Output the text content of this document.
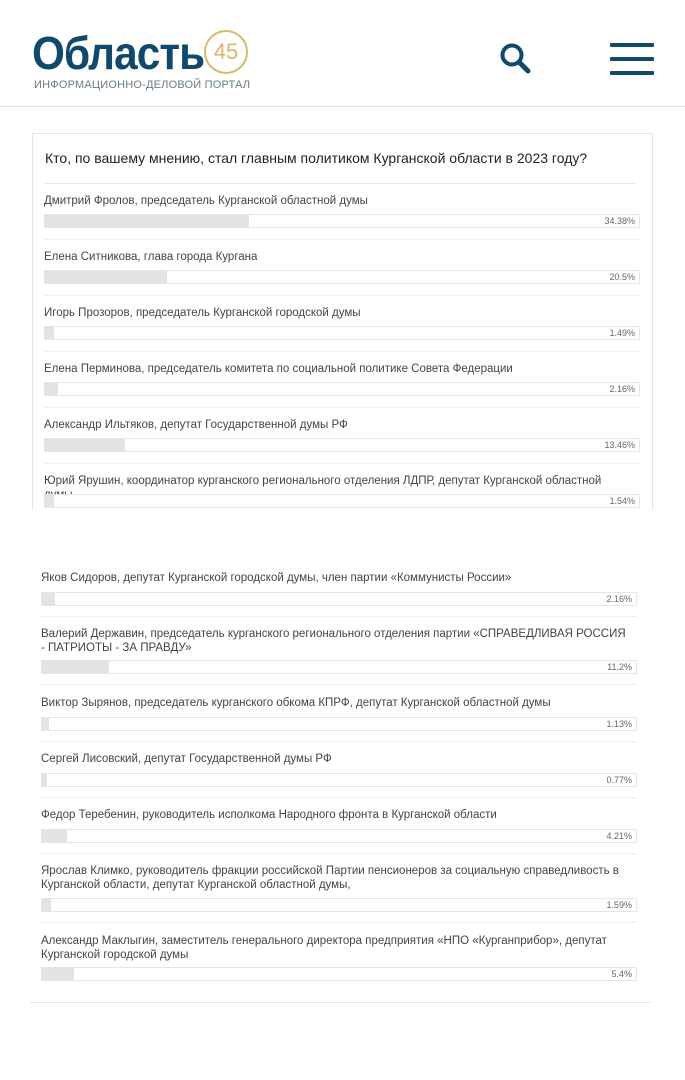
Область 45
ИНФОРМАЦИОННО-ДЕЛОВОЙ ПОРТАЛ
Кто, по вашему мнению, стал главным политиком Курганской области в 2023 году?
Дмитрий Фролов, председатель Курганской областной думы
34.38%
Елена Ситникова, глава города Кургана
20.5%
Игорь Прозоров, председатель Курганской городской думы
1.49%
Елена Перминова, председатель комитета по социальной политике Совета Федерации
2.16%
Александр Ильтяков, депутат Государственной думы РФ
13.46%
Юрий Ярушин, координатор курганского регионального отделения ЛДПР, депутат Курганской областной
1.54%
Яков Сидоров, депутат Курганской городской думы, член партии «Коммунисты России»
2.16%
Валерий Державин, председатель курганского регионального отделения партии «СПРАВЕДЛИВАЯ РОССИЯ - ПАТРИОТЫ - ЗА ПРАВДУ»
11.2%
Виктор Зырянов, председатель курганского обкома КПРФ, депутат Курганской областной думы
1.13%
Сергей Лисовский, депутат Государственной думы РФ
0.77%
Федор Теребенин, руководитель исполкома Народного фронта в Курганской области
4.21%
Ярослав Климко, руководитель фракции российской Партии пенсионеров за социальную справедливость в Курганской области, депутат Курганской областной думы,
1.59%
Александр Маклыгин, заместитель генерального директора предприятия «НПО «Курганприбор», депутат Курганской городской думы
5.4%
